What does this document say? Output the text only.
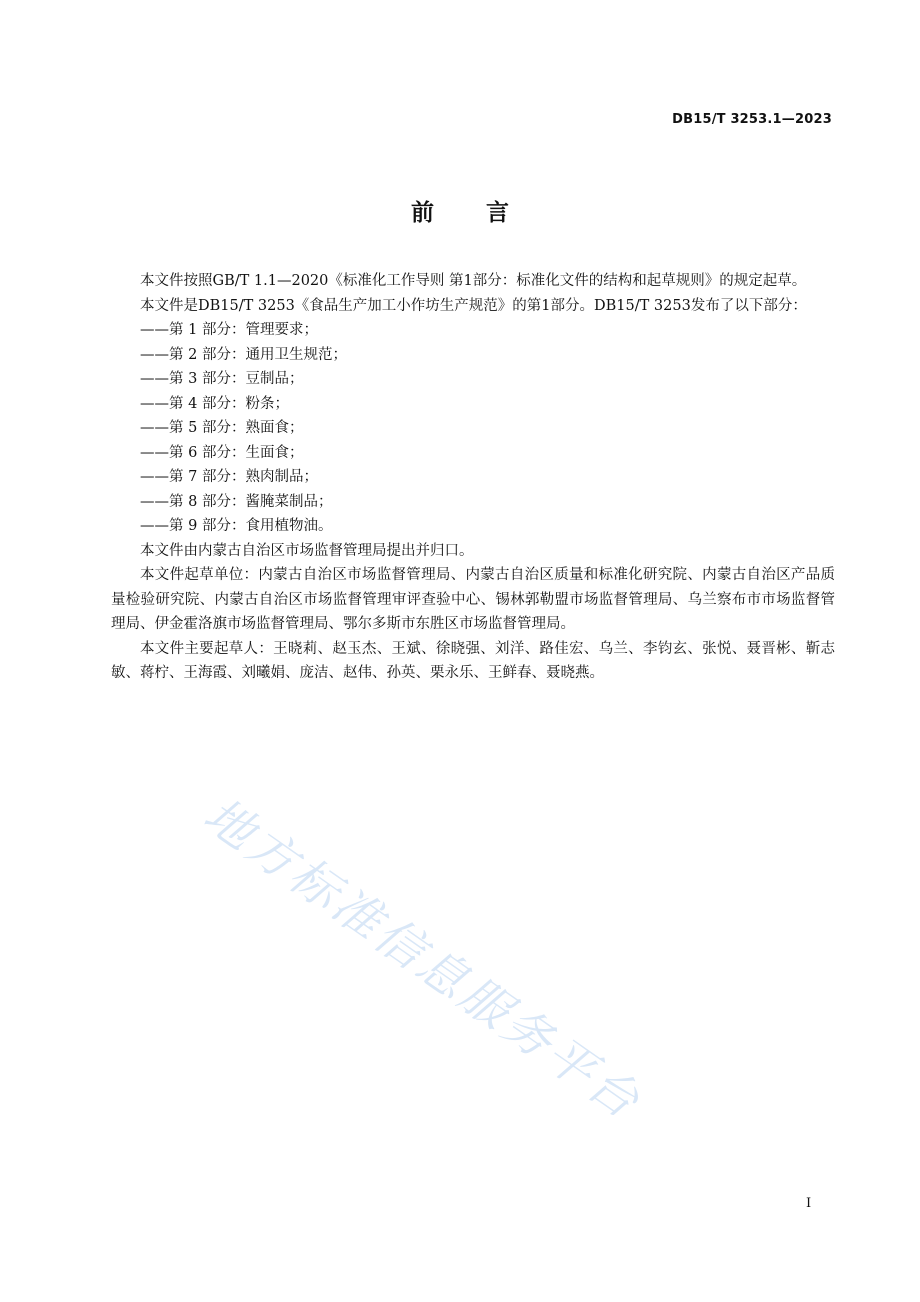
DB15/T 3253.1—2023
前言

本文件按照GB/T 1.1—2020《标准化工作导则 第1部分：标准化文件的结构和起草规则》的规定起草。

本文件是DB15/T 3253《食品生产加工小作坊生产规范》的第1部分。DB15/T 3253发布了以下部分：

——第 1 部分：管理要求；

——第 2 部分：通用卫生规范；

——第 3 部分：豆制品；

——第 4 部分：粉条；

——第 5 部分：熟面食；

——第 6 部分：生面食；

——第 7 部分：熟肉制品；

——第 8 部分：酱腌菜制品；

——第 9 部分：食用植物油。

本文件由内蒙古自治区市场监督管理局提出并归口。

本文件起草单位：内蒙古自治区市场监督管理局、内蒙古自治区质量和标准化研究院、内蒙古自治区产品质量检验研究院、内蒙古自治区市场监督管理审评查验中心、锡林郭勒盟市场监督管理局、乌兰察布市市场监督管理局、伊金霍洛旗市场监督管理局、鄂尔多斯市东胜区市场监督管理局。

本文件主要起草人：王晓莉、赵玉杰、王斌、徐晓强、刘洋、路佳宏、乌兰、李钧玄、张悦、聂晋彬、靳志敏、蒋柠、王海霞、刘曦娟、庞洁、赵伟、孙英、栗永乐、王鲜春、聂晓燕。

地方标准信息服务平台
I
